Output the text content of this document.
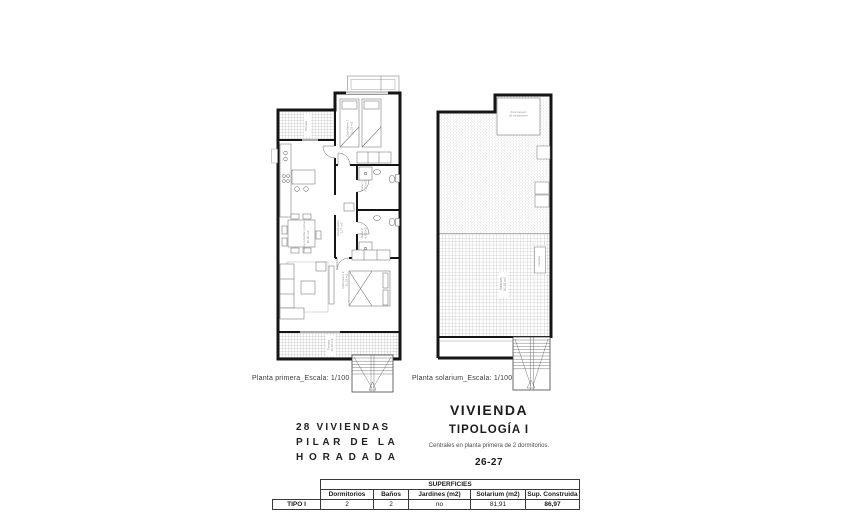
Terraza	Dormitorio 1 11,15 m2
Baño 1 4,20 m2
Baño 2 4,05 m2
Distribuidor 1,77 m2
Salón-comedor-cocina 30,80 m2
Dormitorio 2 11,15 m2
Terraza 20,00 m2
Solarium 81,91 m2
Zona casetón
de instalaciones
Pérgola
Planta primera_Escala: 1/100	Planta solarium_Escala: 1/100
28 VIVIENDAS
PILAR DE LA
HORADADA
VIVIENDA
TIPOLOGÍA I
Centrales en planta primera de 2 dormitorios.
26-27
	SUPERFICIES				
	Dormitorios	Baños	Jardines (m2)	Solarium (m2)	Sup. Construida
TIPO I	2	2	no	81,91	86,97
